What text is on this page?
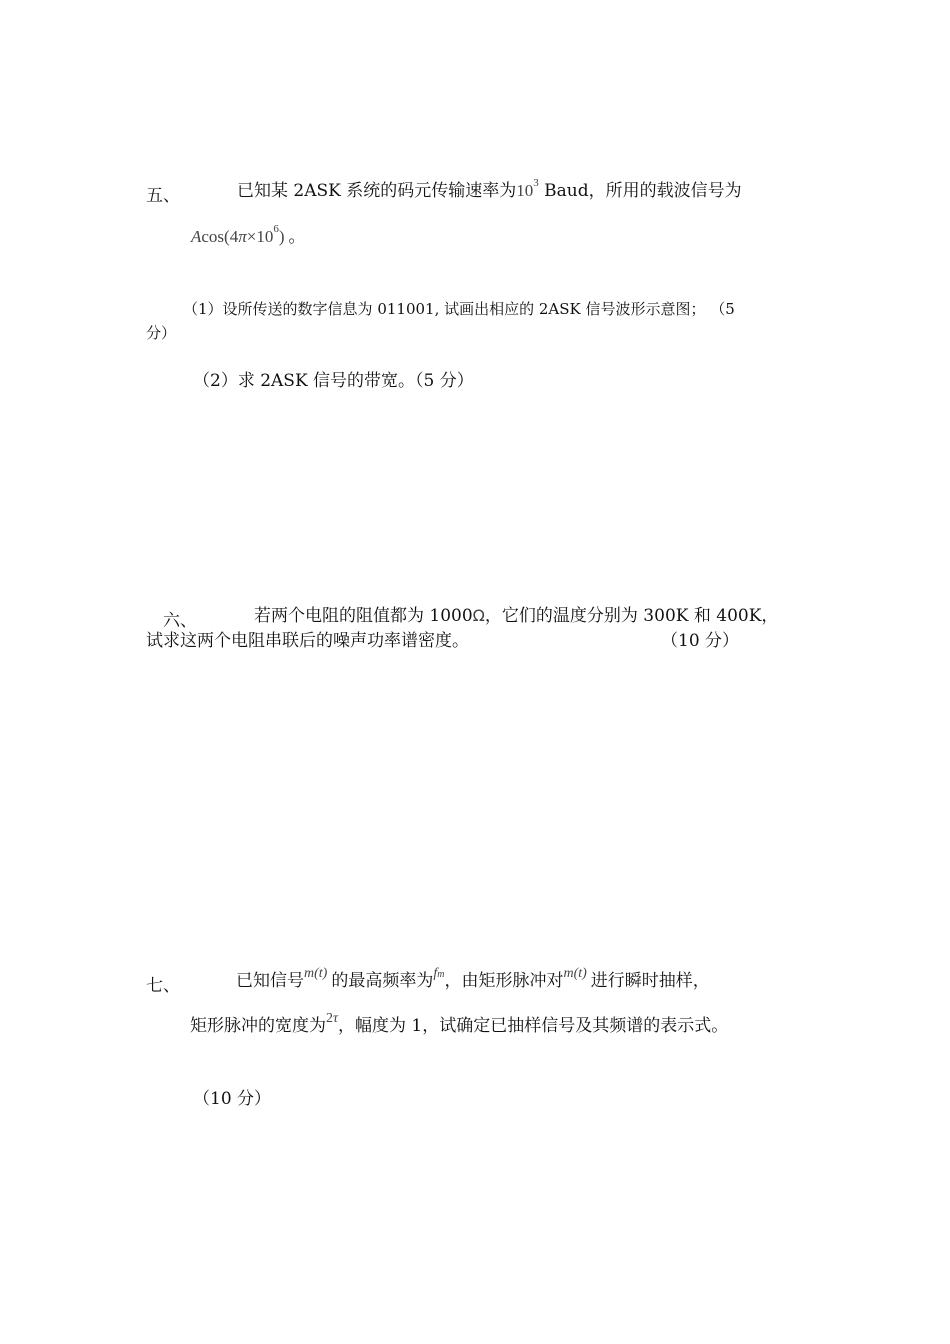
五、	已知某 2ASK 系统的码元传输速率为$10^3$ Baud，所用的载波信号为
$Acos(4\pi\times 10^6)$ 。
（1）设所传送的数字信息为 011001, 试画出相应的 2ASK 信号波形示意图； （5
分）
（2）求 2ASK 信号的带宽。（5 分）
六、	若两个电阻的阻值都为 1000Ω，它们的温度分别为 300K 和 400K，
试求这两个电阻串联后的噪声功率谱密度。	（10 分）
七、	已知信号$^{m(t)}$ 的最高频率为$^{fm}$，由矩形脉冲对$^{m(t)}$ 进行瞬时抽样，
矩形脉冲的宽度为$^{2\tau}$，幅度为 1，试确定已抽样信号及其频谱的表示式。
（10 分）
